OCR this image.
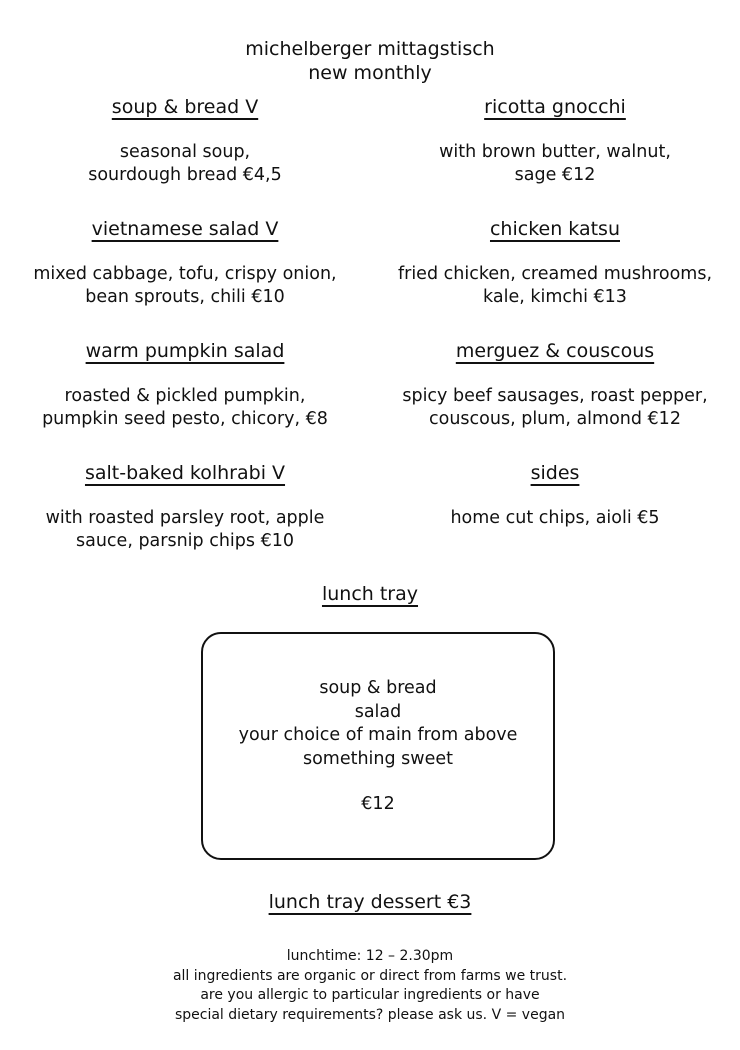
michelberger mittagstisch
new monthly
soup & bread V
seasonal soup,
sourdough bread €4,5
vietnamese salad V
mixed cabbage, tofu, crispy onion,
bean sprouts, chili €10
warm pumpkin salad
roasted & pickled pumpkin,
pumpkin seed pesto, chicory, €8
salt-baked kolhrabi V
with roasted parsley root, apple
sauce, parsnip chips €10
ricotta gnocchi
with brown butter, walnut,
sage €12
chicken katsu
fried chicken, creamed mushrooms,
kale, kimchi €13
merguez & couscous
spicy beef sausages, roast pepper,
couscous, plum, almond €12
sides
home cut chips, aioli €5
lunch tray
soup & bread
salad
your choice of main from above
something sweet
€12
lunch tray dessert €3
lunchtime: 12 – 2.30pm
all ingredients are organic or direct from farms we trust.
are you allergic to particular ingredients or have
special dietary requirements? please ask us. V = vegan
